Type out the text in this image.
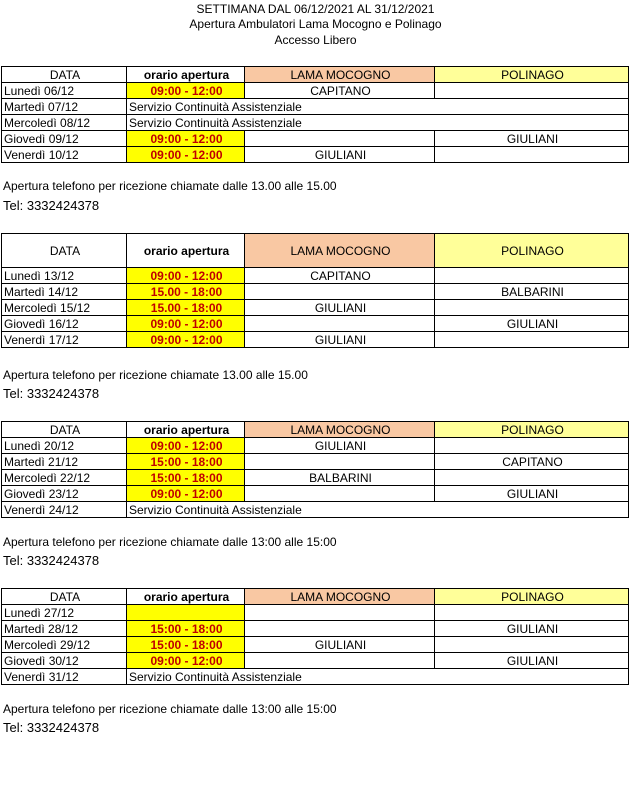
SETTIMANA DAL 06/12/2021 AL 31/12/2021
Apertura Ambulatori Lama Mocogno e Polinago
Accesso Libero
DATA	orario apertura	LAMA MOCOGNO	POLINAGO
Lunedì 06/12	09:00 - 12:00	CAPITANO	
Martedì 07/12	Servizio Continuità Assistenziale		
Mercoledì 08/12	Servizio Continuità Assistenziale		
Giovedì 09/12	09:00 - 12:00		GIULIANI
Venerdì 10/12	09:00 - 12:00	GIULIANI	
Apertura telefono per ricezione chiamate dalle 13.00 alle 15.00
Tel: 3332424378
DATA	orario apertura	LAMA MOCOGNO	POLINAGO
Lunedì 13/12	09:00 - 12:00	CAPITANO	
Martedì 14/12	15.00 - 18:00		BALBARINI
Mercoledì 15/12	15.00 - 18:00	GIULIANI	
Giovedì 16/12	09:00 - 12:00		GIULIANI
Venerdì 17/12	09:00 - 12:00	GIULIANI	
Apertura telefono per ricezione chiamate 13.00 alle 15.00
Tel: 3332424378
DATA	orario apertura	LAMA MOCOGNO	POLINAGO
Lunedì 20/12	09:00 - 12:00	GIULIANI	
Martedì 21/12	15:00 - 18:00		CAPITANO
Mercoledì 22/12	15:00 - 18:00	BALBARINI	
Giovedì 23/12	09:00 - 12:00		GIULIANI
Venerdì 24/12	Servizio Continuità Assistenziale		
Apertura telefono per ricezione chiamate dalle 13:00 alle 15:00
Tel: 3332424378
DATA	orario apertura	LAMA MOCOGNO	POLINAGO
Lunedì 27/12			
Martedì 28/12	15:00 - 18:00		GIULIANI
Mercoledì 29/12	15:00 - 18:00	GIULIANI	
Giovedì 30/12	09:00 - 12:00		GIULIANI
Venerdì 31/12	Servizio Continuità Assistenziale		
Apertura telefono per ricezione chiamate dalle 13:00 alle 15:00
Tel: 3332424378
